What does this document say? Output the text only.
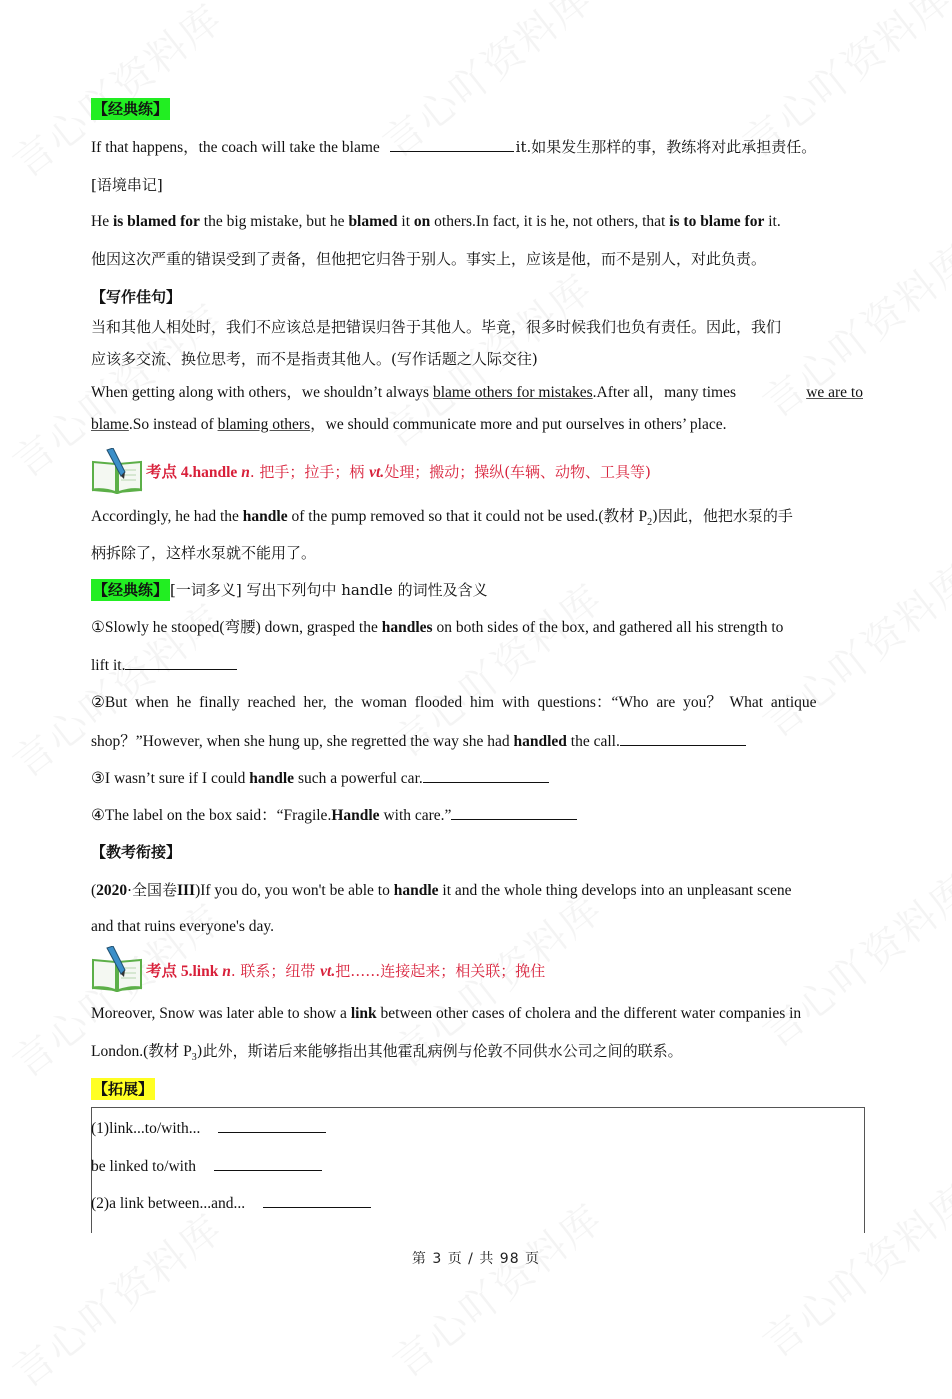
【经典练】
If that happens，the coach will take the blame	it.如果发生那样的事，教练将对此承担责任。
[语境串记]
He is blamed for the big mistake, but he blamed it on others.In fact, it is he, not others, that is to blame for it.
他因这次严重的错误受到了责备，但他把它归咎于别人。事实上，应该是他，而不是别人，对此负责。
【写作佳句】
当和其他人相处时，我们不应该总是把错误归咎于其他人。毕竟，很多时候我们也负有责任。因此，我们
应该多交流、换位思考，而不是指责其他人。(写作话题之人际交往)
When getting along with others，we shouldn’t always blame others for mistakes.After all，many times	we are to
blame.So instead of blaming others，we should communicate more and put ourselves in others’ place.
考点 4.handle n. 把手；拉手；柄 vt.处理；搬动；操纵(车辆、动物、工具等)
Accordingly, he had the handle of the pump removed so that it could not be used.(教材 $P_2$)因此，他把水泵的手
柄拆除了，这样水泵就不能用了。
【经典练】 [一词多义] 写出下列句中 handle 的词性及含义
①Slowly he stooped(弯腰) down, grasped the handles on both sides of the box, and gathered all his strength to
lift it.
②But when he finally reached her, the woman flooded him with questions：“Who are you？ What antique
shop？”However, when she hung up, she regretted the way she had handled the call.
③I wasn’t sure if I could handle such a powerful car.
④The label on the box said：“Fragile.Handle with care.”
【教考衔接】
(2020·全国卷III)If you do, you won't be able to handle it and the whole thing develops into an unpleasant scene
and that ruins everyone's day.
考点 5.link n. 联系；纽带 vt.把……连接起来；相关联；挽住
Moreover, Snow was later able to show a link between other cases of cholera and the different water companies in
London.(教材 $P_3$)此外，斯诺后来能够指出其他霍乱病例与伦敦不同供水公司之间的联系。
【拓展】
(1)link...to/with...
be linked to/with
(2)a link between...and...
第 3 页 / 共 98 页
